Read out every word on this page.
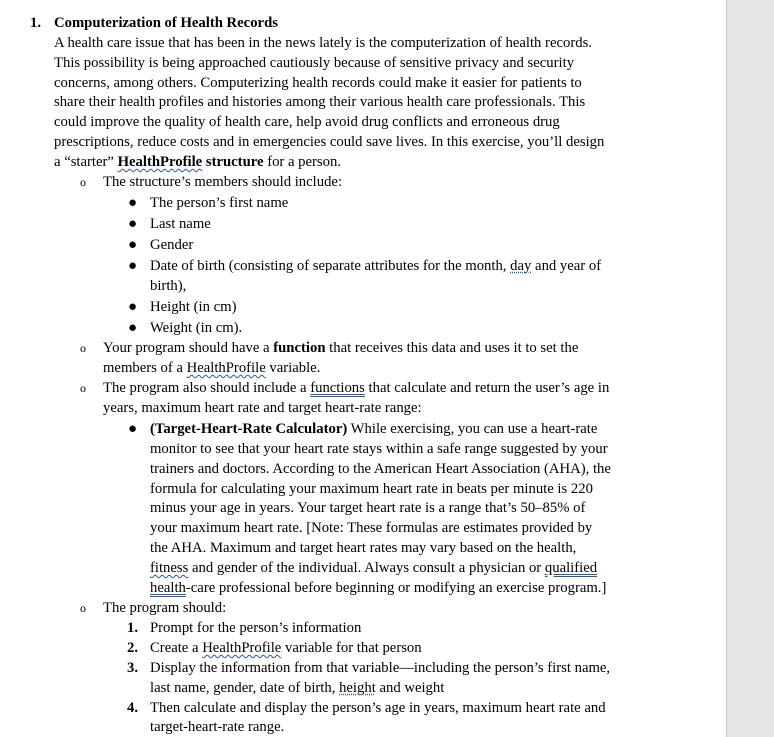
1. Computerization of Health Records
A health care issue that has been in the news lately is the computerization of health records.
This possibility is being approached cautiously because of sensitive privacy and security
concerns, among others. Computerizing health records could make it easier for patients to
share their health profiles and histories among their various health care professionals. This
could improve the quality of health care, help avoid drug conflicts and erroneous drug
prescriptions, reduce costs and in emergencies could save lives. In this exercise, you’ll design
a “starter” HealthProfile structure for a person.
o The structure’s members should include:
● The person’s first name
● Last name
● Gender
● Date of birth (consisting of separate attributes for the month, day and year of
birth),
● Height (in cm)
● Weight (in cm).
o Your program should have a function that receives this data and uses it to set the
members of a HealthProfile variable.
o The program also should include a functions that calculate and return the user’s age in
years, maximum heart rate and target heart-rate range:
● (Target-Heart-Rate Calculator) While exercising, you can use a heart-rate
monitor to see that your heart rate stays within a safe range suggested by your
trainers and doctors. According to the American Heart Association (AHA), the
formula for calculating your maximum heart rate in beats per minute is 220
minus your age in years. Your target heart rate is a range that’s 50–85% of
your maximum heart rate. [Note: These formulas are estimates provided by
the AHA. Maximum and target heart rates may vary based on the health,
fitness and gender of the individual. Always consult a physician or qualified
health-care professional before beginning or modifying an exercise program.]
o The program should:
1. Prompt for the person’s information
2. Create a HealthProfile variable for that person
3. Display the information from that variable—including the person’s first name,
last name, gender, date of birth, height and weight
4. Then calculate and display the person’s age in years, maximum heart rate and
target-heart-rate range.
